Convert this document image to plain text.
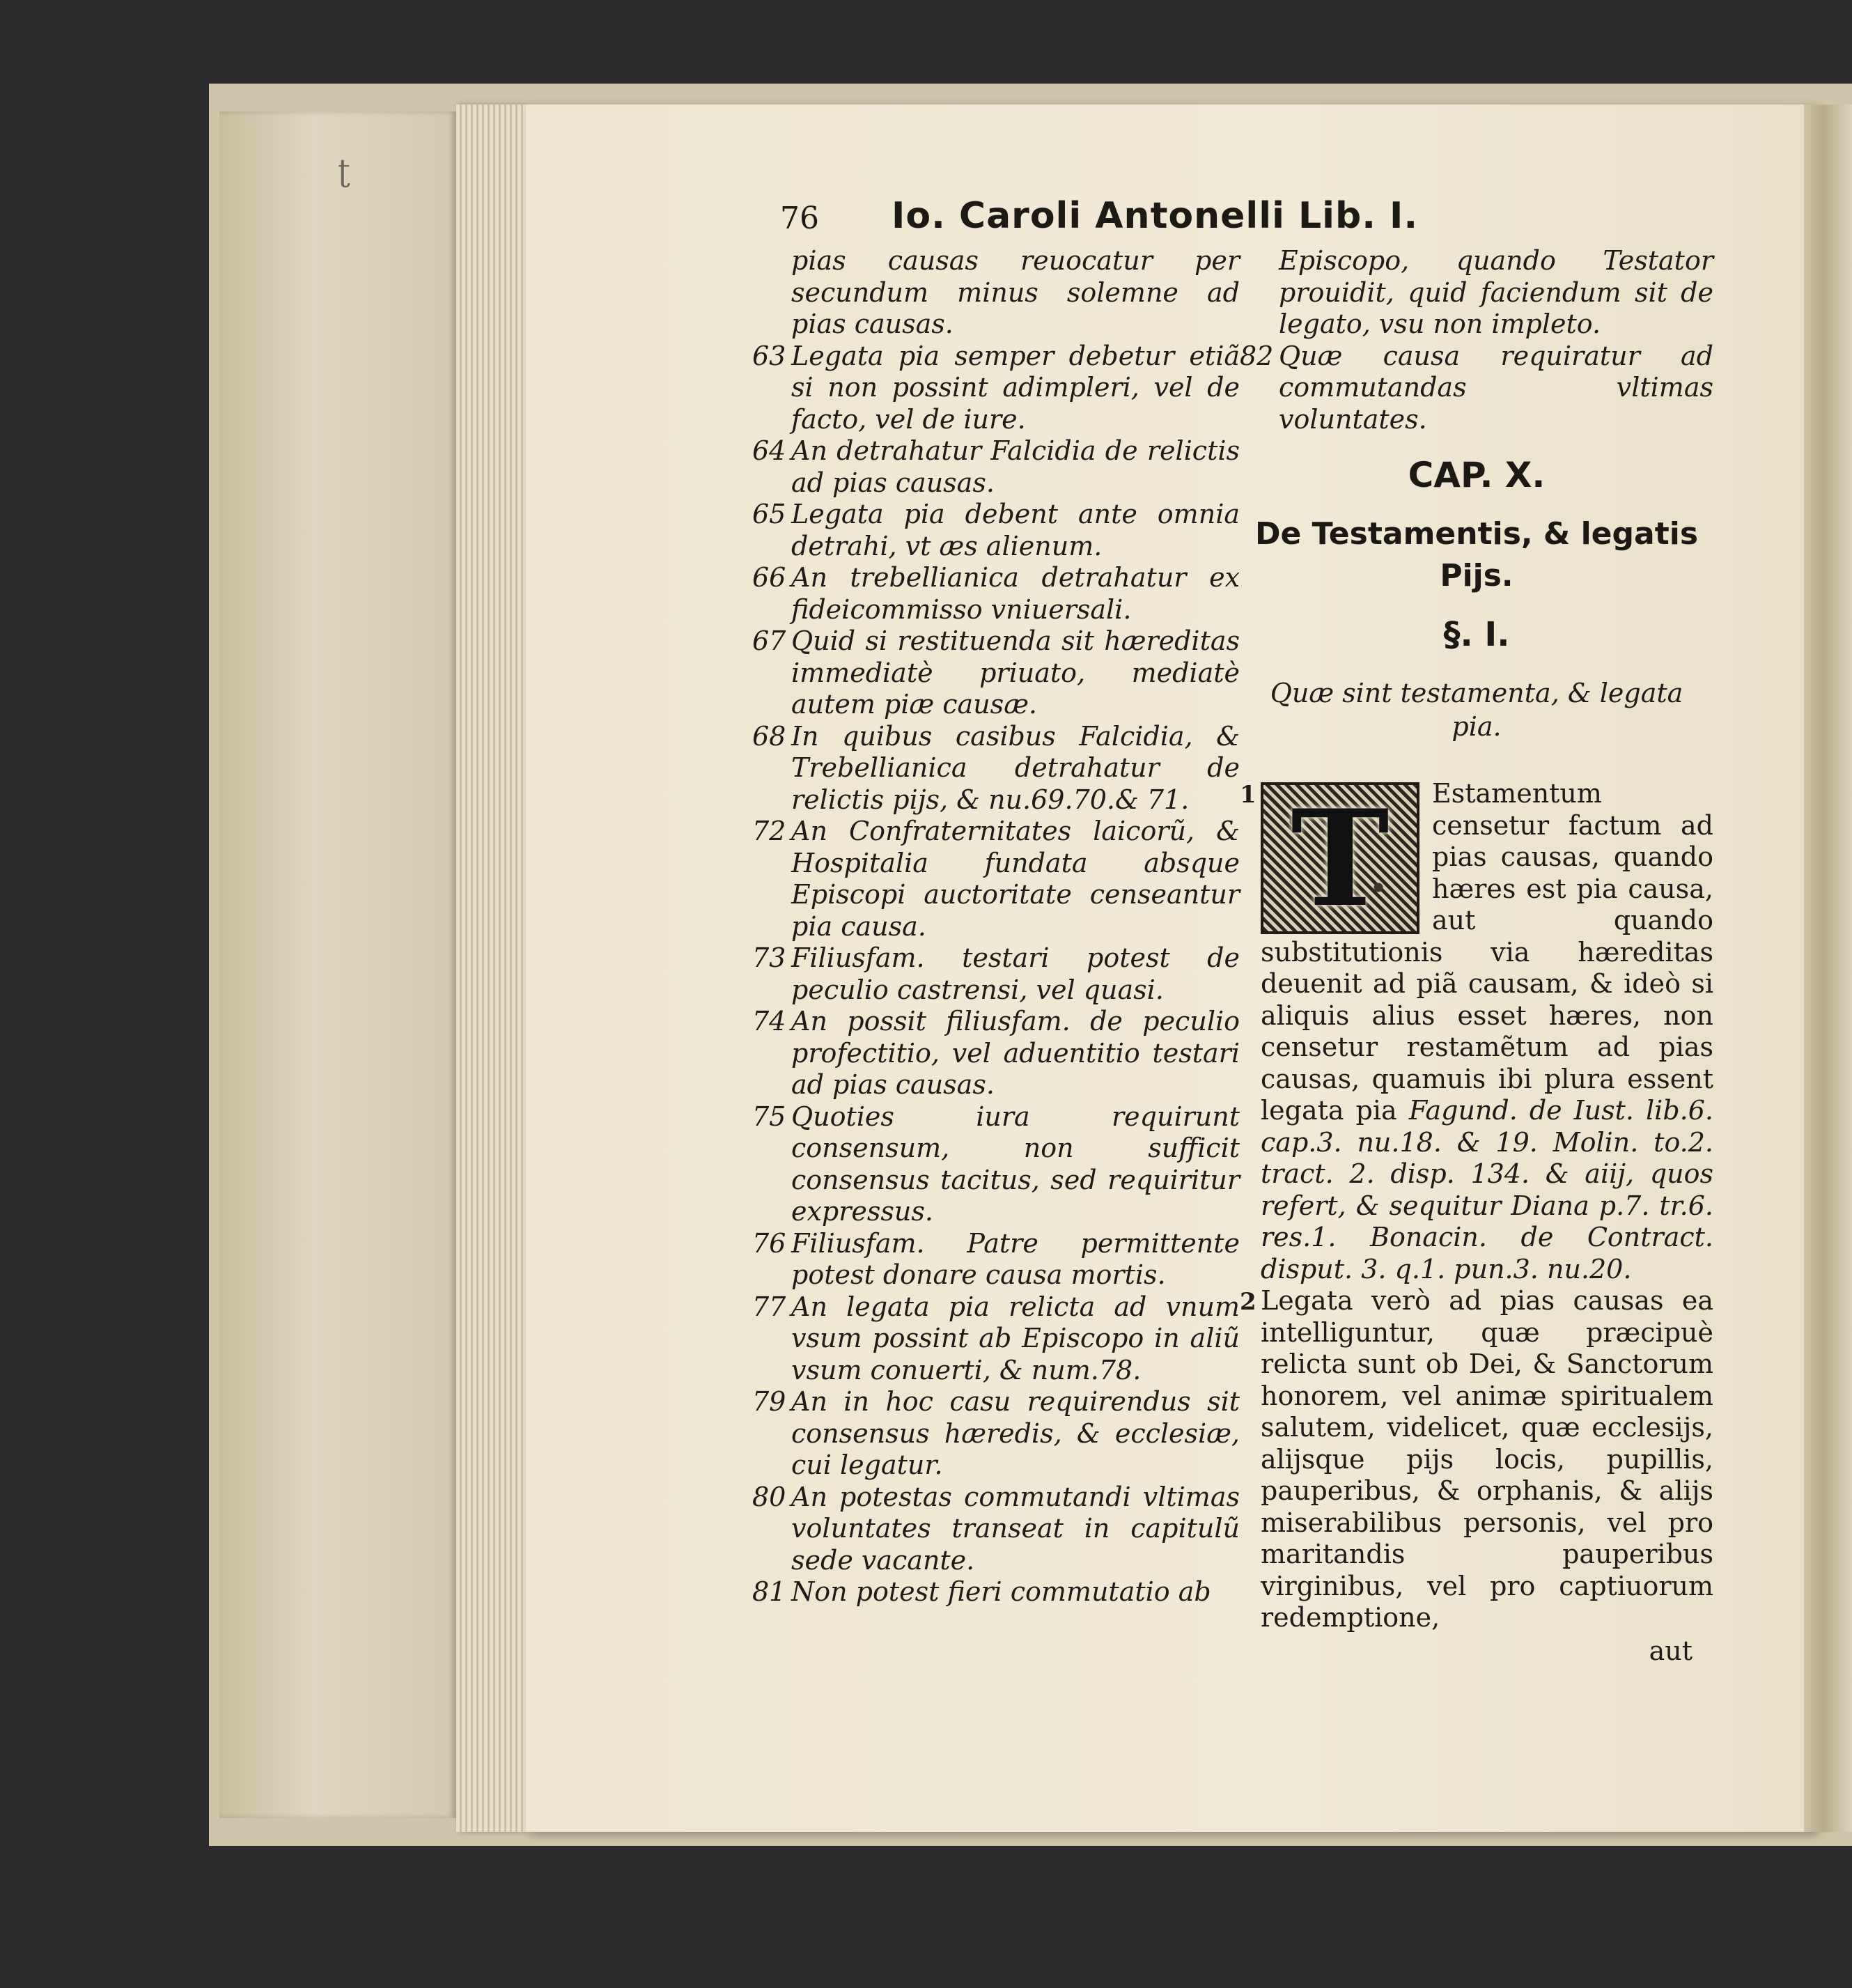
ʈ
76 Io. Caroli Antonelli Lib. I.
pias causas reuocatur per secundum minus solemne ad pias causas.
63 Legata pia semper debetur etiã si non possint adimpleri, vel de facto, vel de iure.
64 An detrahatur Falcidia de relictis ad pias causas.
65 Legata pia debent ante omnia detrahi, vt æs alienum.
66 An trebellianica detrahatur ex fideicommisso vniuersali.
67 Quid si restituenda sit hæreditas immediatè priuato, mediatè autem piæ causæ.
68 In quibus casibus Falcidia, & Trebellianica detrahatur de relictis pijs, & nu.69.70.& 71.
72 An Confraternitates laicorũ, & Hospitalia fundata absque Episcopi auctoritate censeantur pia causa.
73 Filiusfam. testari potest de peculio castrensi, vel quasi.
74 An possit filiusfam. de peculio profectitio, vel aduentitio testari ad pias causas.
75 Quoties iura requirunt consensum, non sufficit consensus tacitus, sed requiritur expressus.
76 Filiusfam. Patre permittente potest donare causa mortis.
77 An legata pia relicta ad vnum vsum possint ab Episcopo in aliũ vsum conuerti, & num.78.
79 An in hoc casu requirendus sit consensus hæredis, & ecclesiæ, cui legatur.
80 An potestas commutandi vltimas voluntates transeat in capitulũ sede vacante.
81 Non potest fieri commutatio ab
Episcopo, quando Testator prouidit, quid faciendum sit de legato, vsu non impleto.
82 Quæ causa requiratur ad commutandas vltimas voluntates.
CAP. X.
De Testamentis, & legatis
Pijs.
§. I.
Quæ sint testamenta, & legata
pia.
1 T	Estamentum censetur factum ad pias causas, quando hæres est pia causa, aut quando substitutionis via hæreditas deuenit ad piã causam, & ideò si aliquis alius esset hæres, non censetur restamẽtum ad pias causas, quamuis ibi plura essent legata pia Fagund. de Iust. lib.6. cap.3. nu.18. & 19. Molin. to.2. tract. 2. disp. 134. & aiij, quos refert, & sequitur Diana p.7. tr.6. res.1. Bonacin. de Contract. disput. 3. q.1. pun.3. nu.20.
2 Legata verò ad pias causas ea intelliguntur, quæ præcipuè relicta sunt ob Dei, & Sanctorum honorem, vel animæ spiritualem salutem, videlicet, quæ ecclesijs, alijsque pijs locis, pupillis, pauperibus, & orphanis, & alijs miserabilibus personis, vel pro maritandis pauperibus virginibus, vel pro captiuorum redemptione,
aut
